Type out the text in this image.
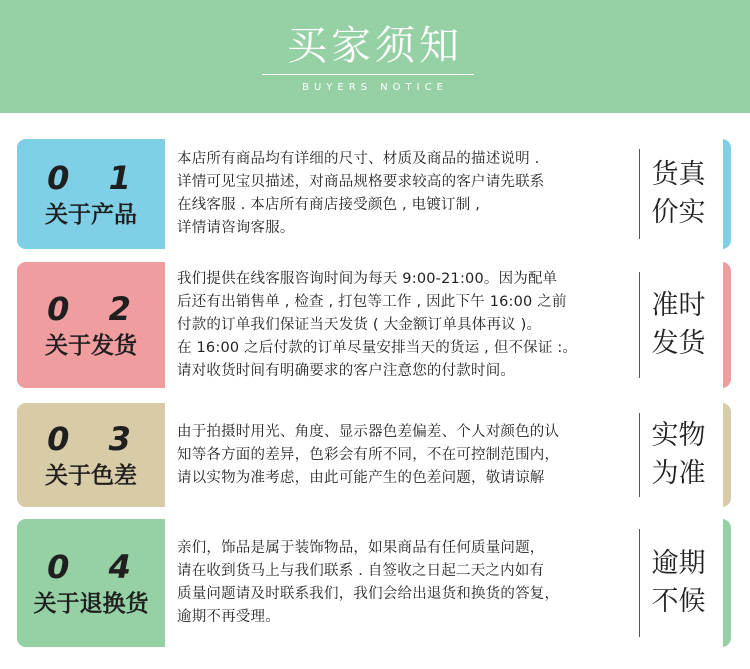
买家须知
BUYERS NOTICE
0 1
关于产品
本店所有商品均有详细的尺寸、材质及商品的描述说明 .
详情可见宝贝描述，对商品规格要求较高的客户请先联系
在线客服 . 本店所有商店接受颜色 , 电镀订制 ,
详情请咨询客服。
货真
价实
0 2
关于发货
我们提供在线客服咨询时间为每天 9:00-21:00。因为配单
后还有出销售单 , 检查 , 打包等工作 , 因此下午 16:00 之前
付款的订单我们保证当天发货 ( 大金额订单具体再议 )。
在 16:00 之后付款的订单尽量安排当天的货运 , 但不保证 :。
请对收货时间有明确要求的客户注意您的付款时间。
准时
发货
0 3
关于色差
由于拍摄时用光、角度、显示器色差偏差、个人对颜色的认
知等各方面的差异，色彩会有所不同，不在可控制范围内，
请以实物为准考虑，由此可能产生的色差问题，敬请谅解
实物
为准
0 4
关于退换货
亲们，饰品是属于装饰物品，如果商品有任何质量问题，
请在收到货马上与我们联系 . 自签收之日起二天之内如有
质量问题请及时联系我们，我们会给出退货和换货的答复，
逾期不再受理。
逾期
不候
